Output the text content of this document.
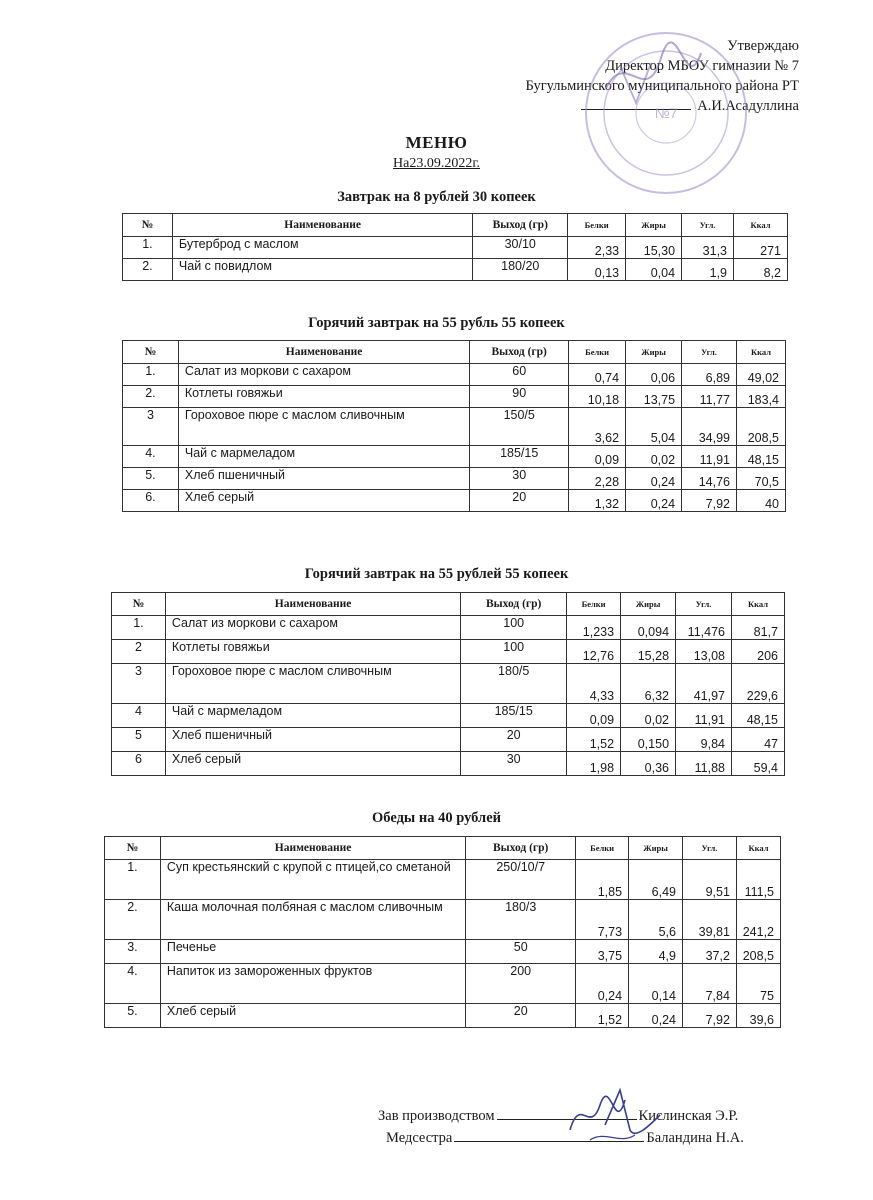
Утверждаю
Директор МБОУ гимназии № 7
Бугульминского муниципального района РТ
А.И.Асадуллина
№7
МЕНЮ
На23.09.2022г.
Завтрак на 8 рублей 30 копеек
№	Наименование	Выход (гр)	Белки	Жиры	Угл.	Ккал
1.	Бутерброд с маслом	30/10	2,33	15,30	31,3	271
2.	Чай с повидлом	180/20	0,13	0,04	1,9	8,2
Горячий завтрак на 55 рубль 55 копеек
№	Наименование	Выход (гр)	Белки	Жиры	Угл.	Ккал
1.	Салат из моркови с сахаром	60	0,74	0,06	6,89	49,02
2.	Котлеты говяжьи	90	10,18	13,75	11,77	183,4
3	Гороховое пюре с маслом сливочным	150/5	3,62	5,04	34,99	208,5
4.	Чай с мармеладом	185/15	0,09	0,02	11,91	48,15
5.	Хлеб пшеничный	30	2,28	0,24	14,76	70,5
6.	Хлеб серый	20	1,32	0,24	7,92	40
Горячий завтрак на 55 рублей 55 копеек
№	Наименование	Выход (гр)	Белки	Жиры	Угл.	Ккал
1.	Салат из моркови с сахаром	100	1,233	0,094	11,476	81,7
2	Котлеты говяжьи	100	12,76	15,28	13,08	206
3	Гороховое пюре с маслом сливочным	180/5	4,33	6,32	41,97	229,6
4	Чай с мармеладом	185/15	0,09	0,02	11,91	48,15
5	Хлеб пшеничный	20	1,52	0,150	9,84	47
6	Хлеб серый	30	1,98	0,36	11,88	59,4
Обеды на 40 рублей
№	Наименование	Выход (гр)	Белки	Жиры	Угл.	Ккал
1.	Суп крестьянский с крупой с птицей,со сметаной	250/10/7	1,85	6,49	9,51	111,5
2.	Каша молочная полбяная с маслом сливочным	180/3	7,73	5,6	39,81	241,2
3.	Печенье	50	3,75	4,9	37,2	208,5
4.	Напиток из замороженных фруктов	200	0,24	0,14	7,84	75
5.	Хлеб серый	20	1,52	0,24	7,92	39,6
Зав производством	Кислинская Э.Р.
Медсестра	Баландина Н.А.
